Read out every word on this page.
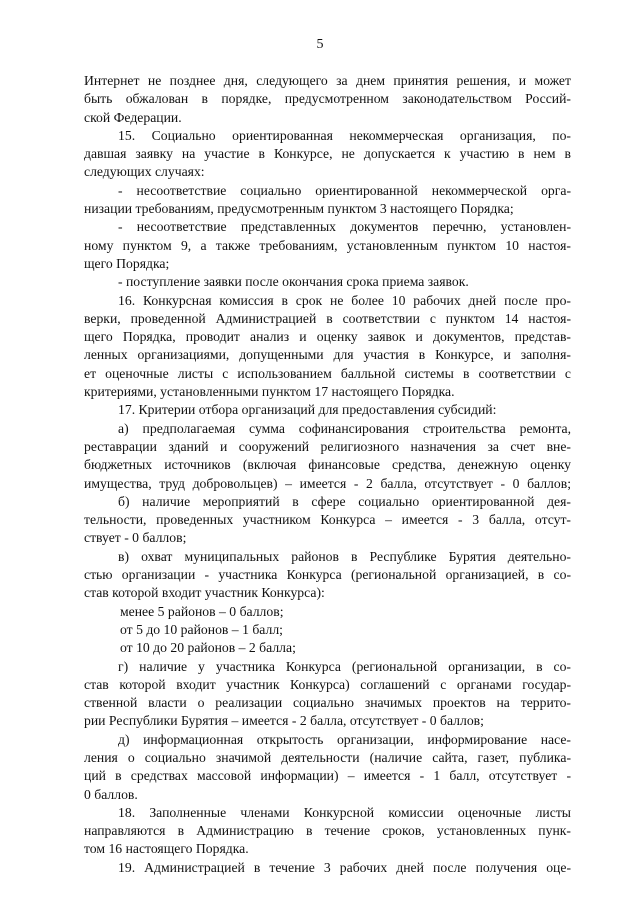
5
Интернет не позднее дня, следующего за днем принятия решения, и может
быть обжалован в порядке, предусмотренном законодательством Россий-
ской Федерации.
15. Социально ориентированная некоммерческая организация, по-
давшая заявку на участие в Конкурсе, не допускается к участию в нем в
следующих случаях:
- несоответствие социально ориентированной некоммерческой орга-
низации требованиям, предусмотренным пунктом 3 настоящего Порядка;
- несоответствие представленных документов перечню, установлен-
ному пунктом 9, а также требованиям, установленным пунктом 10 настоя-
щего Порядка;
- поступление заявки после окончания срока приема заявок.
16. Конкурсная комиссия в срок не более 10 рабочих дней после про-
верки, проведенной Администрацией в соответствии с пунктом 14 настоя-
щего Порядка, проводит анализ и оценку заявок и документов, представ-
ленных организациями, допущенными для участия в Конкурсе, и заполня-
ет оценочные листы с использованием балльной системы в соответствии с
критериями, установленными пунктом 17 настоящего Порядка.
17. Критерии отбора организаций для предоставления субсидий:
а) предполагаемая сумма софинансирования строительства ремонта,
реставрации зданий и сооружений религиозного назначения за счет вне-
бюджетных источников (включая финансовые средства, денежную оценку
имущества, труд добровольцев) – имеется - 2 балла, отсутствует - 0 баллов;
б) наличие мероприятий в сфере социально ориентированной дея-
тельности, проведенных участником Конкурса – имеется - 3 балла, отсут-
ствует - 0 баллов;
в) охват муниципальных районов в Республике Бурятия деятельно-
стью организации - участника Конкурса (региональной организацией, в со-
став которой входит участник Конкурса):
менее 5 районов – 0 баллов;
от 5 до 10 районов – 1 балл;
от 10 до 20 районов – 2 балла;
г) наличие у участника Конкурса (региональной организации, в со-
став которой входит участник Конкурса) соглашений с органами государ-
ственной власти о реализации социально значимых проектов на террито-
рии Республики Бурятия – имеется - 2 балла, отсутствует - 0 баллов;
д) информационная открытость организации, информирование насе-
ления о социально значимой деятельности (наличие сайта, газет, публика-
ций в средствах массовой информации) – имеется - 1 балл, отсутствует -
0 баллов.
18. Заполненные членами Конкурсной комиссии оценочные листы
направляются в Администрацию в течение сроков, установленных пунк-
том 16 настоящего Порядка.
19. Администрацией в течение 3 рабочих дней после получения оце-
